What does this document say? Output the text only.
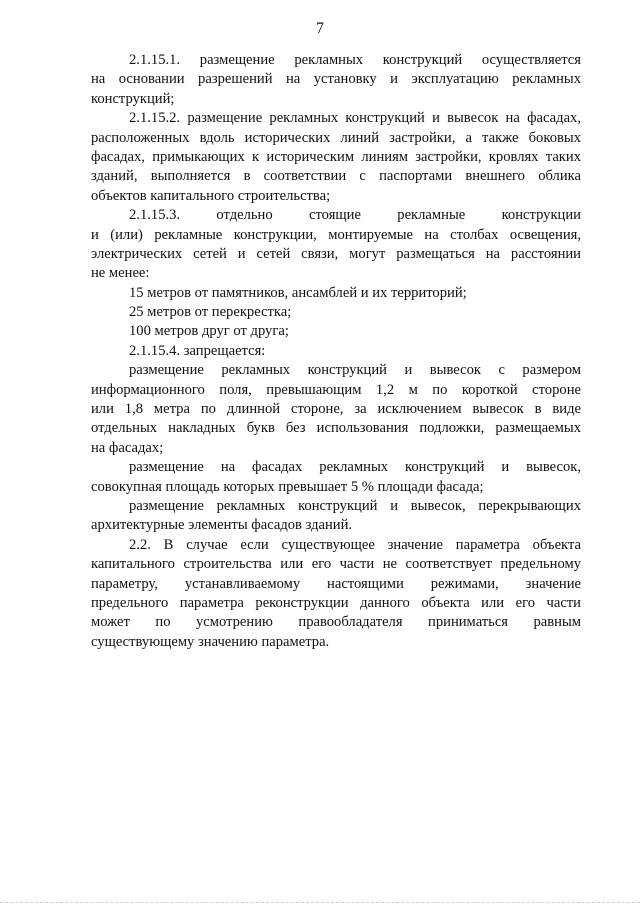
7
2.1.15.1. размещение рекламных конструкций осуществляется
на основании разрешений на установку и эксплуатацию рекламных
конструкций;
2.1.15.2. размещение рекламных конструкций и вывесок на фасадах,
расположенных вдоль исторических линий застройки, а также боковых
фасадах, примыкающих к историческим линиям застройки, кровлях таких
зданий, выполняется в соответствии с паспортами внешнего облика
объектов капитального строительства;
2.1.15.3. отдельно стоящие рекламные конструкции
и (или) рекламные конструкции, монтируемые на столбах освещения,
электрических сетей и сетей связи, могут размещаться на расстоянии
не менее:
15 метров от памятников, ансамблей и их территорий;
25 метров от перекрестка;
100 метров друг от друга;
2.1.15.4. запрещается:
размещение рекламных конструкций и вывесок с размером
информационного поля, превышающим 1,2 м по короткой стороне
или 1,8 метра по длинной стороне, за исключением вывесок в виде
отдельных накладных букв без использования подложки, размещаемых
на фасадах;
размещение на фасадах рекламных конструкций и вывесок,
совокупная площадь которых превышает 5 % площади фасада;
размещение рекламных конструкций и вывесок, перекрывающих
архитектурные элементы фасадов зданий.
2.2. В случае если существующее значение параметра объекта
капитального строительства или его части не соответствует предельному
параметру, устанавливаемому настоящими режимами, значение
предельного параметра реконструкции данного объекта или его части
может по усмотрению правообладателя приниматься равным
существующему значению параметра.
